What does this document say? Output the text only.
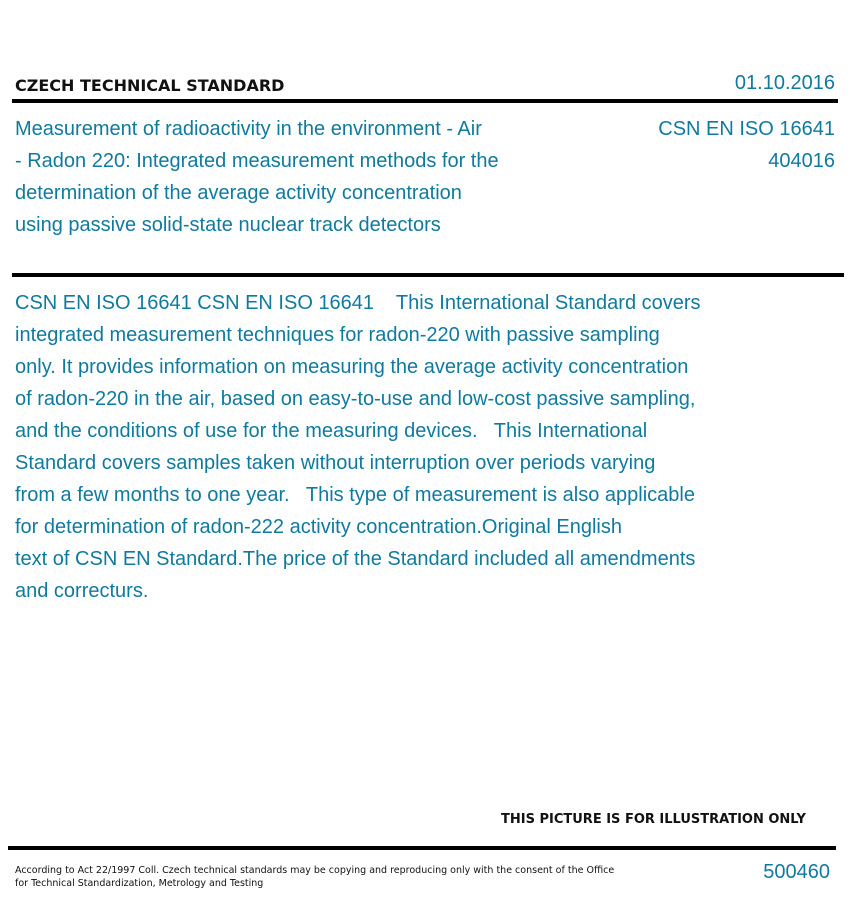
CZECH TECHNICAL STANDARD	01.10.2016
Measurement of radioactivity in the environment - Air
- Radon 220: Integrated measurement methods for the
determination of the average activity concentration
using passive solid-state nuclear track detectors
CSN EN ISO 16641
404016
CSN EN ISO 16641 CSN EN ISO 16641    This International Standard covers
integrated measurement techniques for radon-220 with passive sampling
only. It provides information on measuring the average activity concentration
of radon-220 in the air, based on easy-to-use and low-cost passive sampling,
and the conditions of use for the measuring devices.   This International
Standard covers samples taken without interruption over periods varying
from a few months to one year.   This type of measurement is also applicable
for determination of radon-222 activity concentration.Original English
text of CSN EN Standard.The price of the Standard included all amendments
and correcturs.
THIS PICTURE IS FOR ILLUSTRATION ONLY
According to Act 22/1997 Coll. Czech technical standards may be copying and reproducing only with the consent of the Office
for Technical Standardization, Metrology and Testing
500460
